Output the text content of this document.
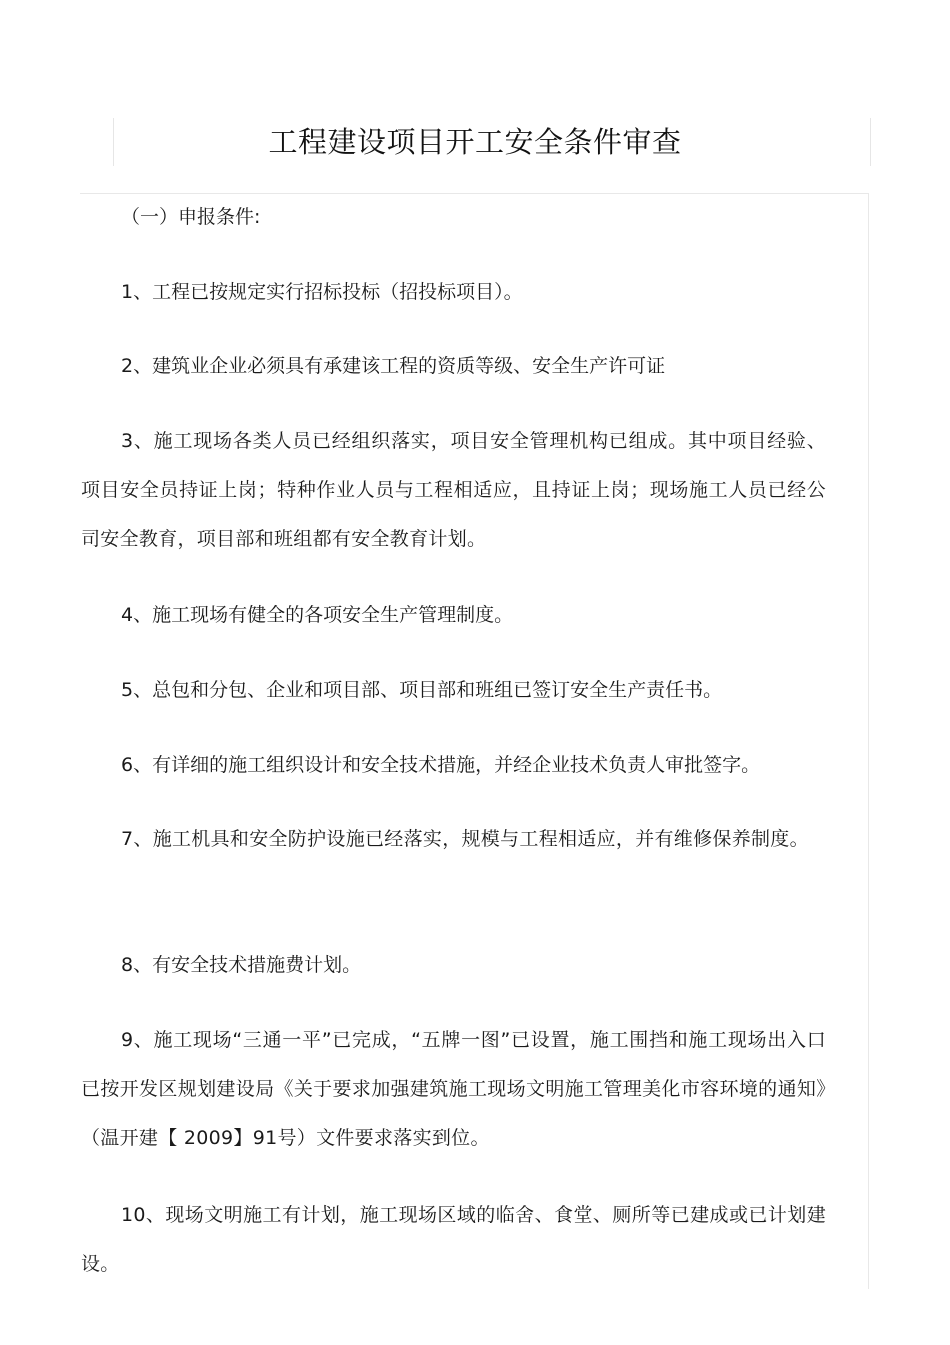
工程建设项目开工安全条件审查

（一）申报条件:

1、工程已按规定实行招标投标（招投标项目）。

2、建筑业企业必须具有承建该工程的资质等级、安全生产许可证

3、施工现场各类人员已经组织落实，项目安全管理机构已组成。其中项目经验、项目安全员持证上岗；特种作业人员与工程相适应，且持证上岗；现场施工人员已经公司安全教育，项目部和班组都有安全教育计划。

4、施工现场有健全的各项安全生产管理制度。

5、总包和分包、企业和项目部、项目部和班组已签订安全生产责任书。

6、有详细的施工组织设计和安全技术措施，并经企业技术负责人审批签字。

7、施工机具和安全防护设施已经落实，规模与工程相适应，并有维修保养制度。

8、有安全技术措施费计划。

9、施工现场“三通一平”已完成，“五牌一图”已设置，施工围挡和施工现场出入口已按开发区规划建设局《关于要求加强建筑施工现场文明施工管理美化市容环境的通知》（温开建【 2009】91号）文件要求落实到位。

10、现场文明施工有计划，施工现场区域的临舍、食堂、厕所等已建成或已计划建设。
